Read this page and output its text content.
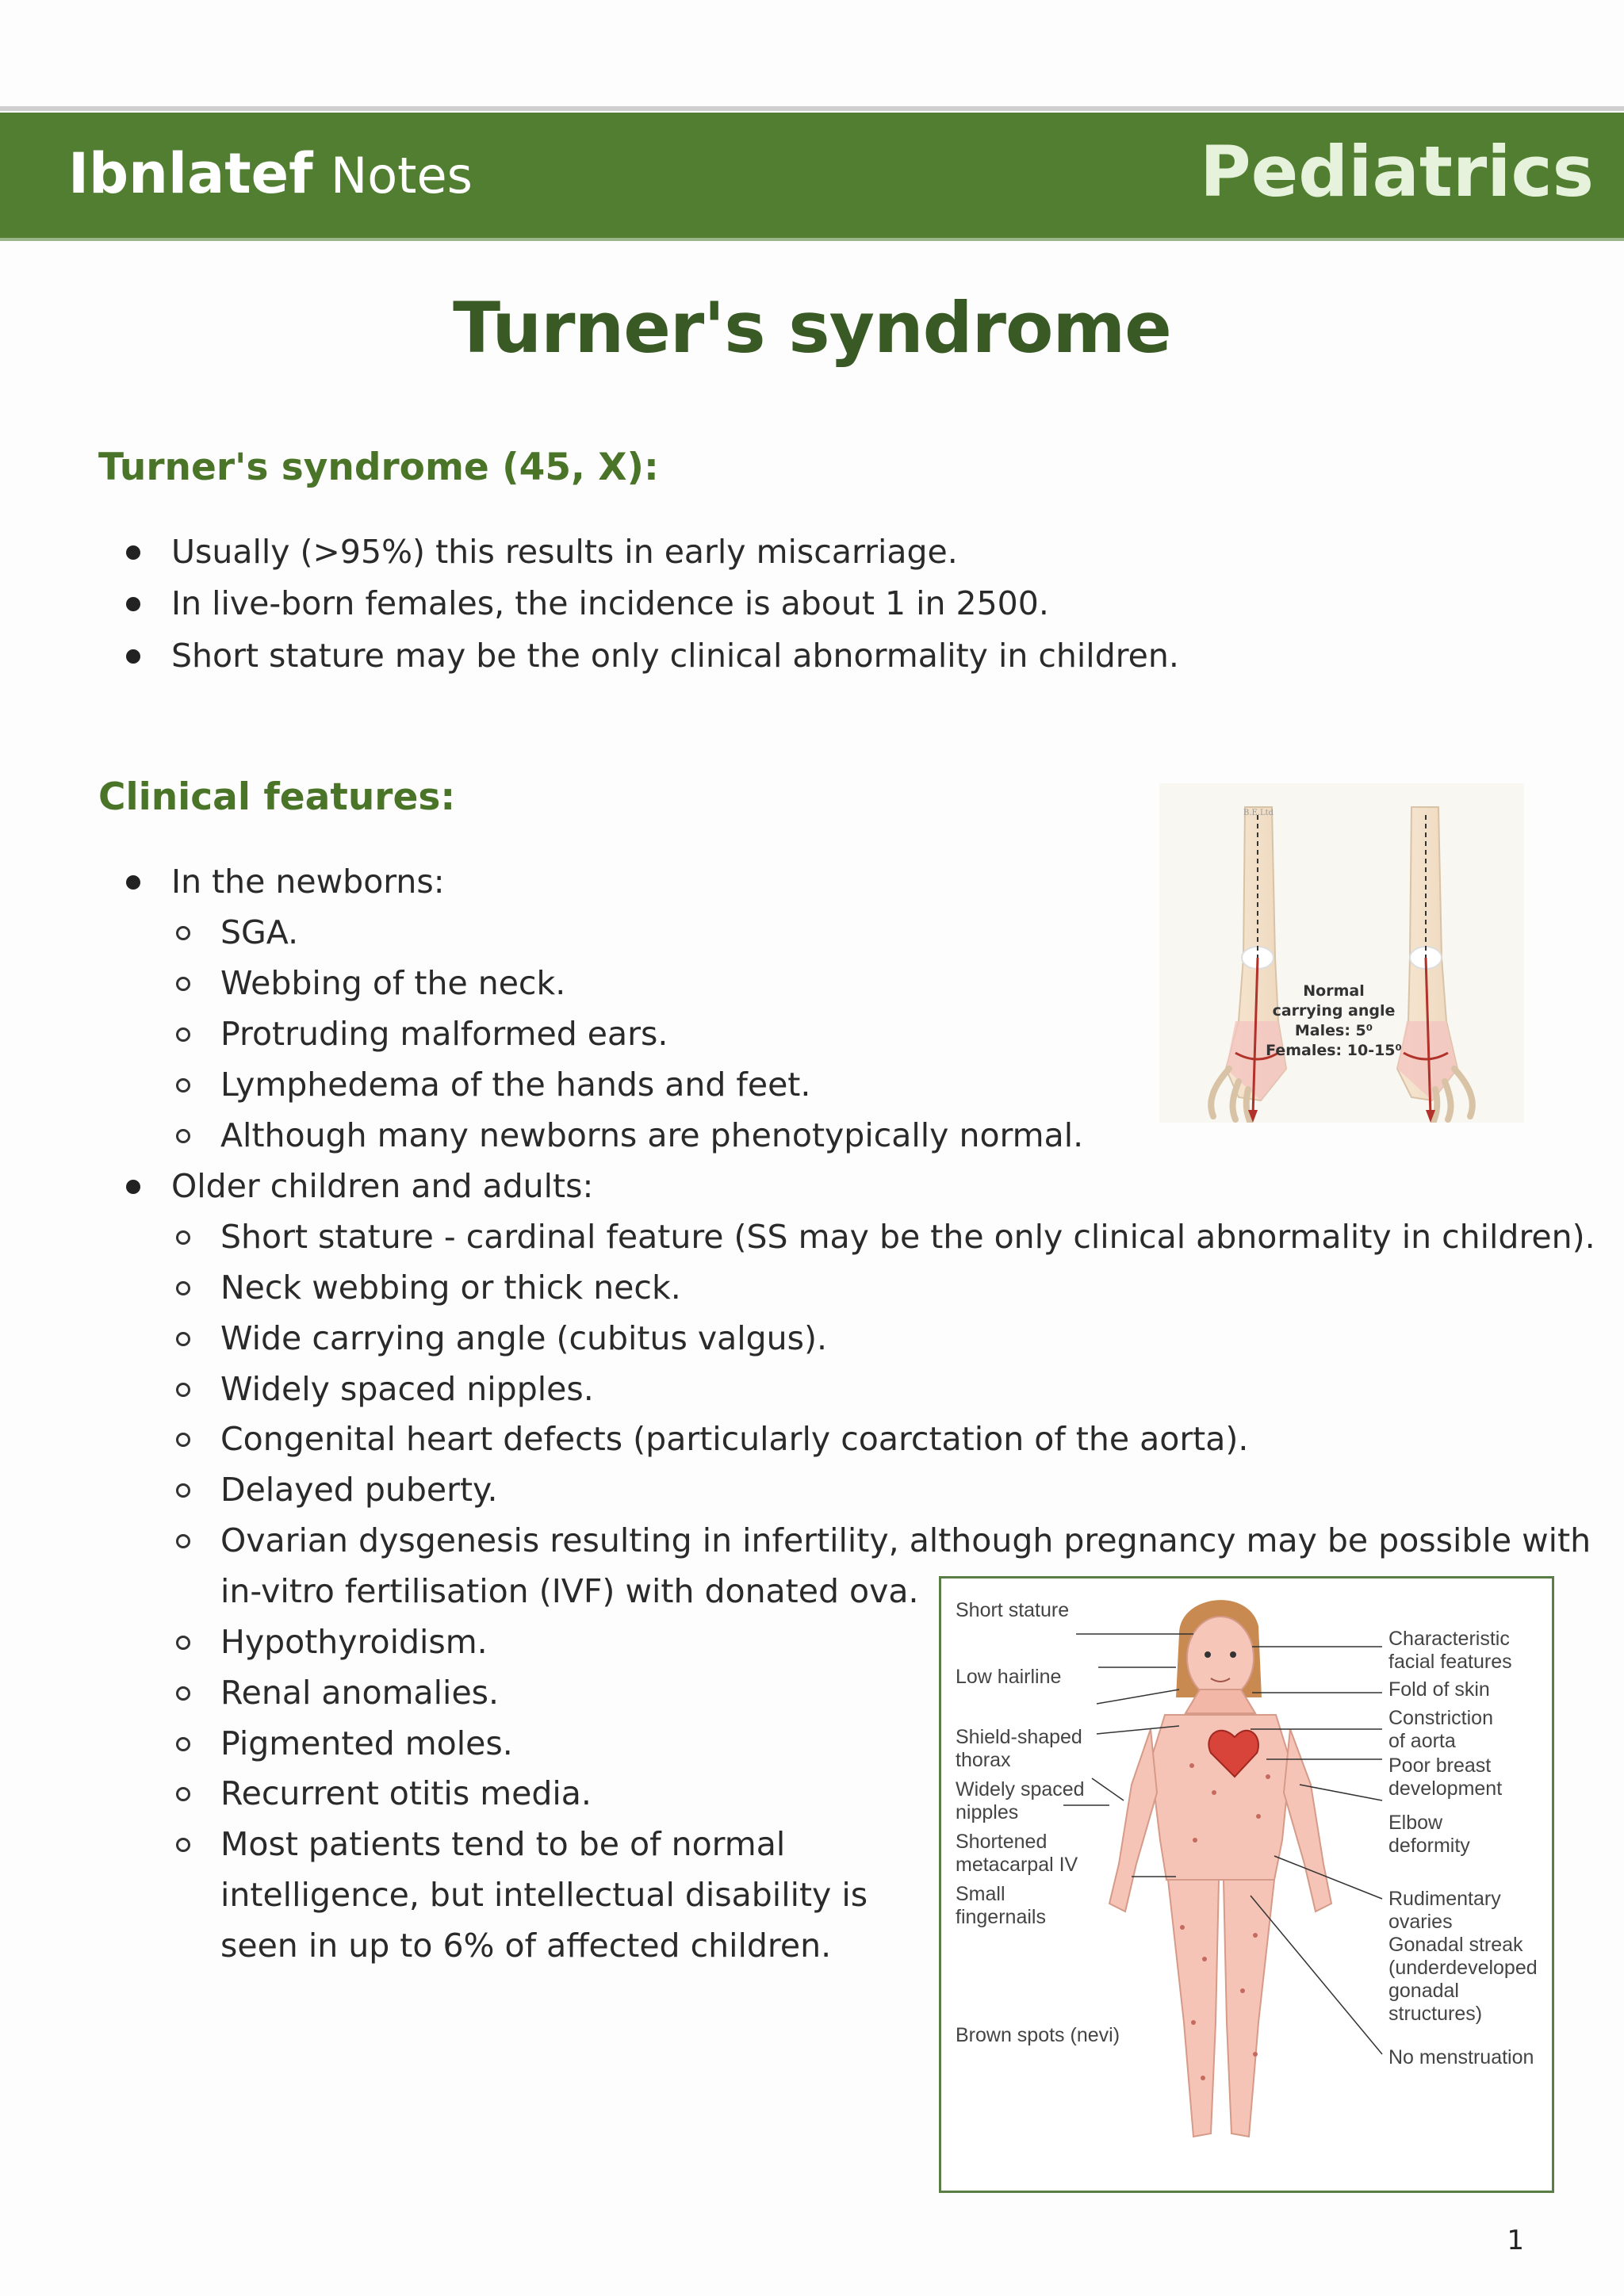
Ibnlatef Notes	Pediatrics
Turner's syndrome
Turner's syndrome (45, X):
Usually (>95%) this results in early miscarriage.
In live-born females, the incidence is about 1 in 2500.
Short stature may be the only clinical abnormality in children.
Clinical features:
In the newborns:
SGA.
Webbing of the neck.
Protruding malformed ears.
Lymphedema of the hands and feet.
Although many newborns are phenotypically normal.
Older children and adults:
Short stature - cardinal feature (SS may be the only clinical abnormality in children).
Neck webbing or thick neck.
Wide carrying angle (cubitus valgus).
Widely spaced nipples.
Congenital heart defects (particularly coarctation of the aorta).
Delayed puberty.
Ovarian dysgenesis resulting in infertility, although pregnancy may be possible with
in-vitro fertilisation (IVF) with donated ova.
Hypothyroidism.
Renal anomalies.
Pigmented moles.
Recurrent otitis media.
Most patients tend to be of normal
intelligence, but intellectual disability is
seen in up to 6% of affected children.
B.E.Ltd
Normal
carrying angle
Males: 5⁰
Females: 10-15⁰
Short stature
Low hairline
Shield-shaped
thorax
Widely spaced
nipples
Shortened
metacarpal IV
Small
fingernails
Brown spots (nevi)
Characteristic
facial features
Fold of skin
Constriction
of aorta
Poor breast
development
Elbow
deformity
Rudimentary
ovaries
Gonadal streak
(underdeveloped
gonadal
structures)
No menstruation
1
